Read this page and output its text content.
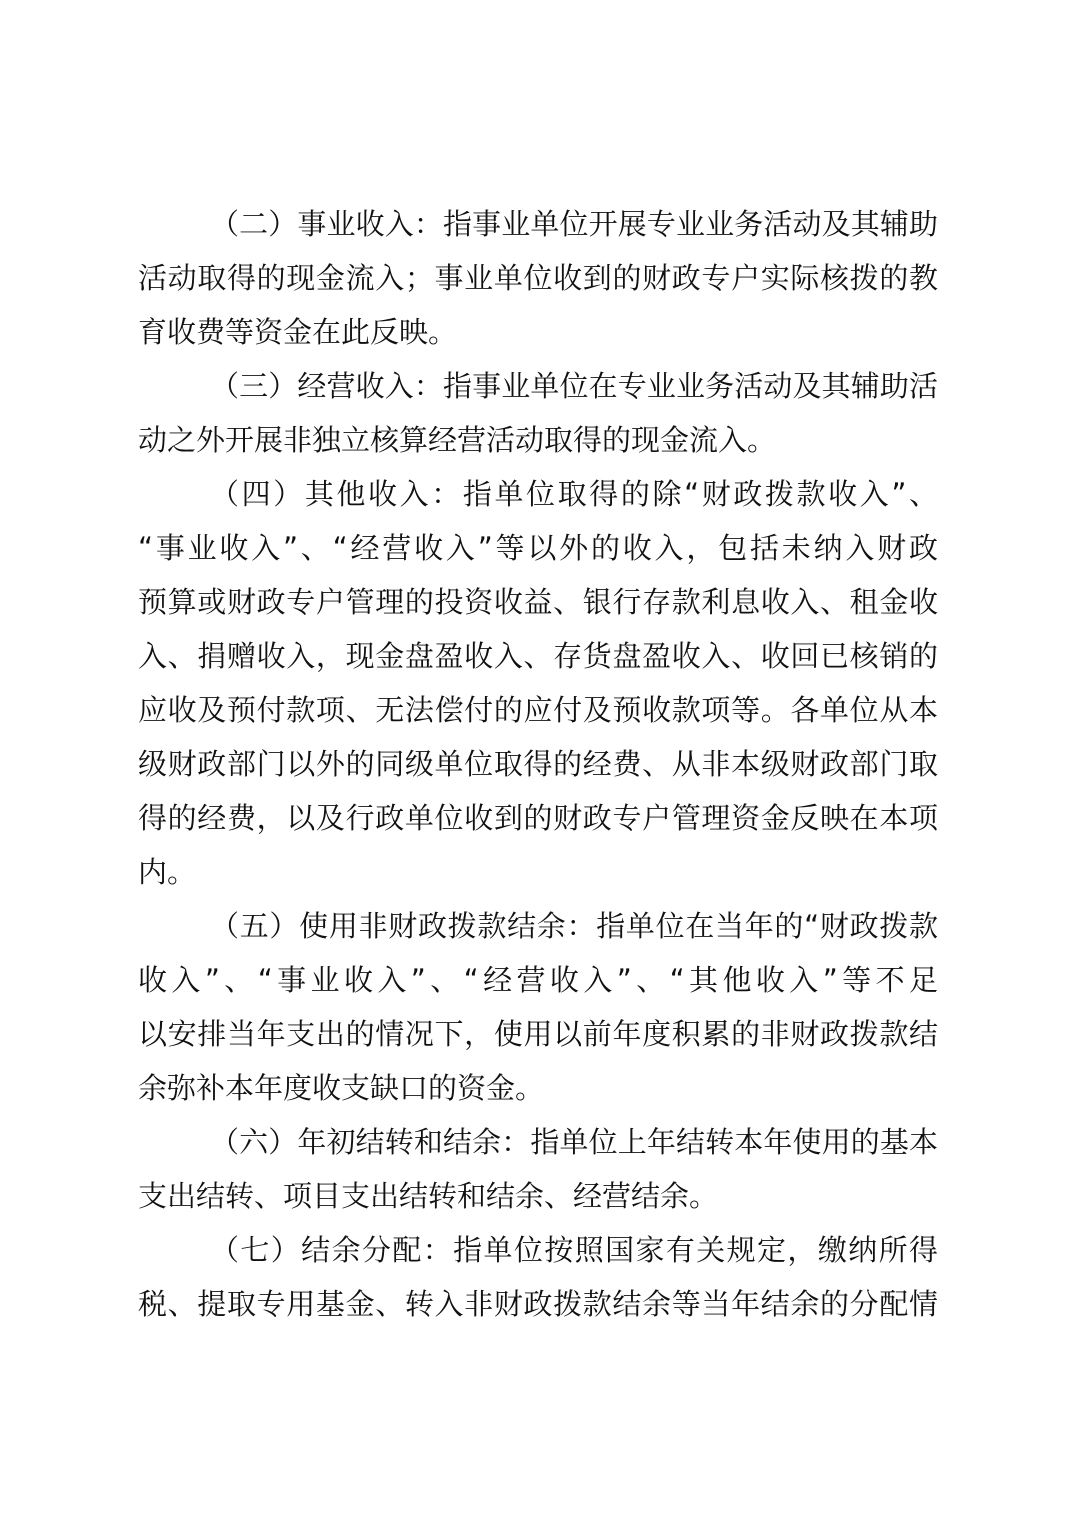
（二）事业收入：指事业单位开展专业业务活动及其辅助
活动取得的现金流入；事业单位收到的财政专户实际核拨的教
育收费等资金在此反映。
（三）经营收入：指事业单位在专业业务活动及其辅助活
动之外开展非独立核算经营活动取得的现金流入。
（四）其他收入：指单位取得的除“财政拨款收入”、
“事业收入”、“经营收入”等以外的收入，包括未纳入财政
预算或财政专户管理的投资收益、银行存款利息收入、租金收
入、捐赠收入，现金盘盈收入、存货盘盈收入、收回已核销的
应收及预付款项、无法偿付的应付及预收款项等。各单位从本
级财政部门以外的同级单位取得的经费、从非本级财政部门取
得的经费，以及行政单位收到的财政专户管理资金反映在本项
内。
（五）使用非财政拨款结余：指单位在当年的“财政拨款
收入”、“事业收入”、“经营收入”、“其他收入”等不足
以安排当年支出的情况下，使用以前年度积累的非财政拨款结
余弥补本年度收支缺口的资金。
（六）年初结转和结余：指单位上年结转本年使用的基本
支出结转、项目支出结转和结余、经营结余。
（七）结余分配：指单位按照国家有关规定，缴纳所得
税、提取专用基金、转入非财政拨款结余等当年结余的分配情
